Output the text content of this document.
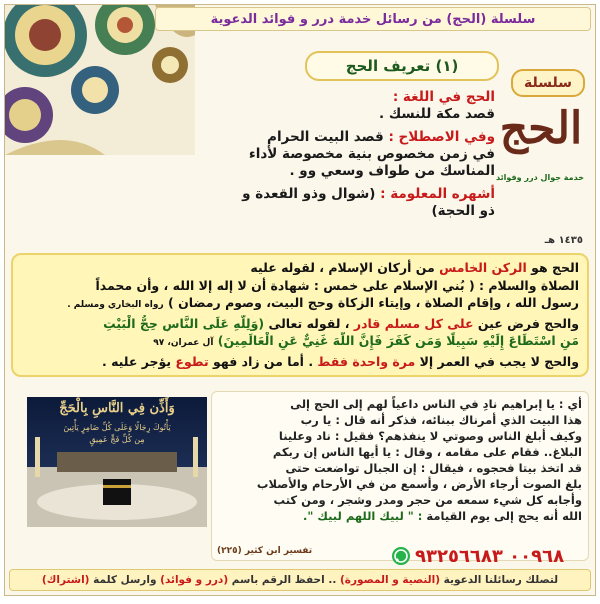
سلسلة (الحج) من رسائل خدمة درر و فوائد الدعوية
سلسلة
الحج
خدمة جوال درر وفوائد
١٤٣٥ هـ
(١) تعريف الحج
الحج في اللغة :
قصد مكة للنسك .
وفي الاصطلاح : قصد البيت الحرام
في زمن مخصوص بنية مخصوصة لأداء
المناسك من طواف وسعي وو .
أشهره المعلومة : (شوال وذو القعدة و
ذو الحجة)
الحج هو الركن الخامس من أركان الإسلام ، لقوله عليه
الصلاة والسلام : ( بُني الإسلام على خمس : شهادة أن لا إله إلا الله ، وأن محمداً
رسول الله ، وإقام الصلاة ، وإيتاء الزكاة وحج البيت، وصوم رمضان ) رواه البخاري ومسلم .
والحج فرض عين على كل مسلم قادر ، لقوله تعالى (وَلِلَّهِ عَلَى النَّاسِ حِجُّ الْبَيْتِ
مَنِ اسْتَطَاعَ إِلَيْهِ سَبِيلًا وَمَن كَفَرَ فَإِنَّ اللَّهَ غَنِيٌّ عَنِ الْعَالَمِينَ) آل عمران، ٩٧
والحج لا يجب في العمر إلا مرة واحدة فقط . أما من زاد فهو تطوع يؤجر عليه .
أي : يا إبراهيم نادِ في الناس داعياً لهم إلى الحج إلى
هذا البيت الذي أمرناك ببنائه، فذكر أنه قال : يا رب
وكيف أبلغ الناس وصوتي لا ينفذهم؟ فقيل : ناد وعلينا
البلاغ.. فقام على مقامه ، وقال : يا أيها الناس إن ربكم
قد اتخذ بيتا فحجوه ، فيقال : إن الجبال تواضعت حتى
بلغ الصوت أرجاء الأرض ، وأسمع من في الأرحام والأصلاب
وأجابه كل شيء سمعه من حجر ومدر وشجر ، ومن كتب
الله أنه يحج إلى يوم القيامة : " لبيك اللهم لبيك ".
تفسير ابن كثير (٢٢٥)
وَأَذِّن فِي النَّاسِ بِالْحَجِّ
يَأْتُوكَ رِجَالًا وَعَلَى كُلِّ ضَامِرٍ يَأْتِينَ
مِن كُلِّ فَجٍّ عَمِيقٍ
٠٠٩٦٨ ٩٣٢٥٦٦٨٣
لتصلك رسائلنا الدعوية

(النصية و المصورة)

.. احفظ الرقم باسم

(درر و فوائد)

وارسل كلمة

(اشتراك)
